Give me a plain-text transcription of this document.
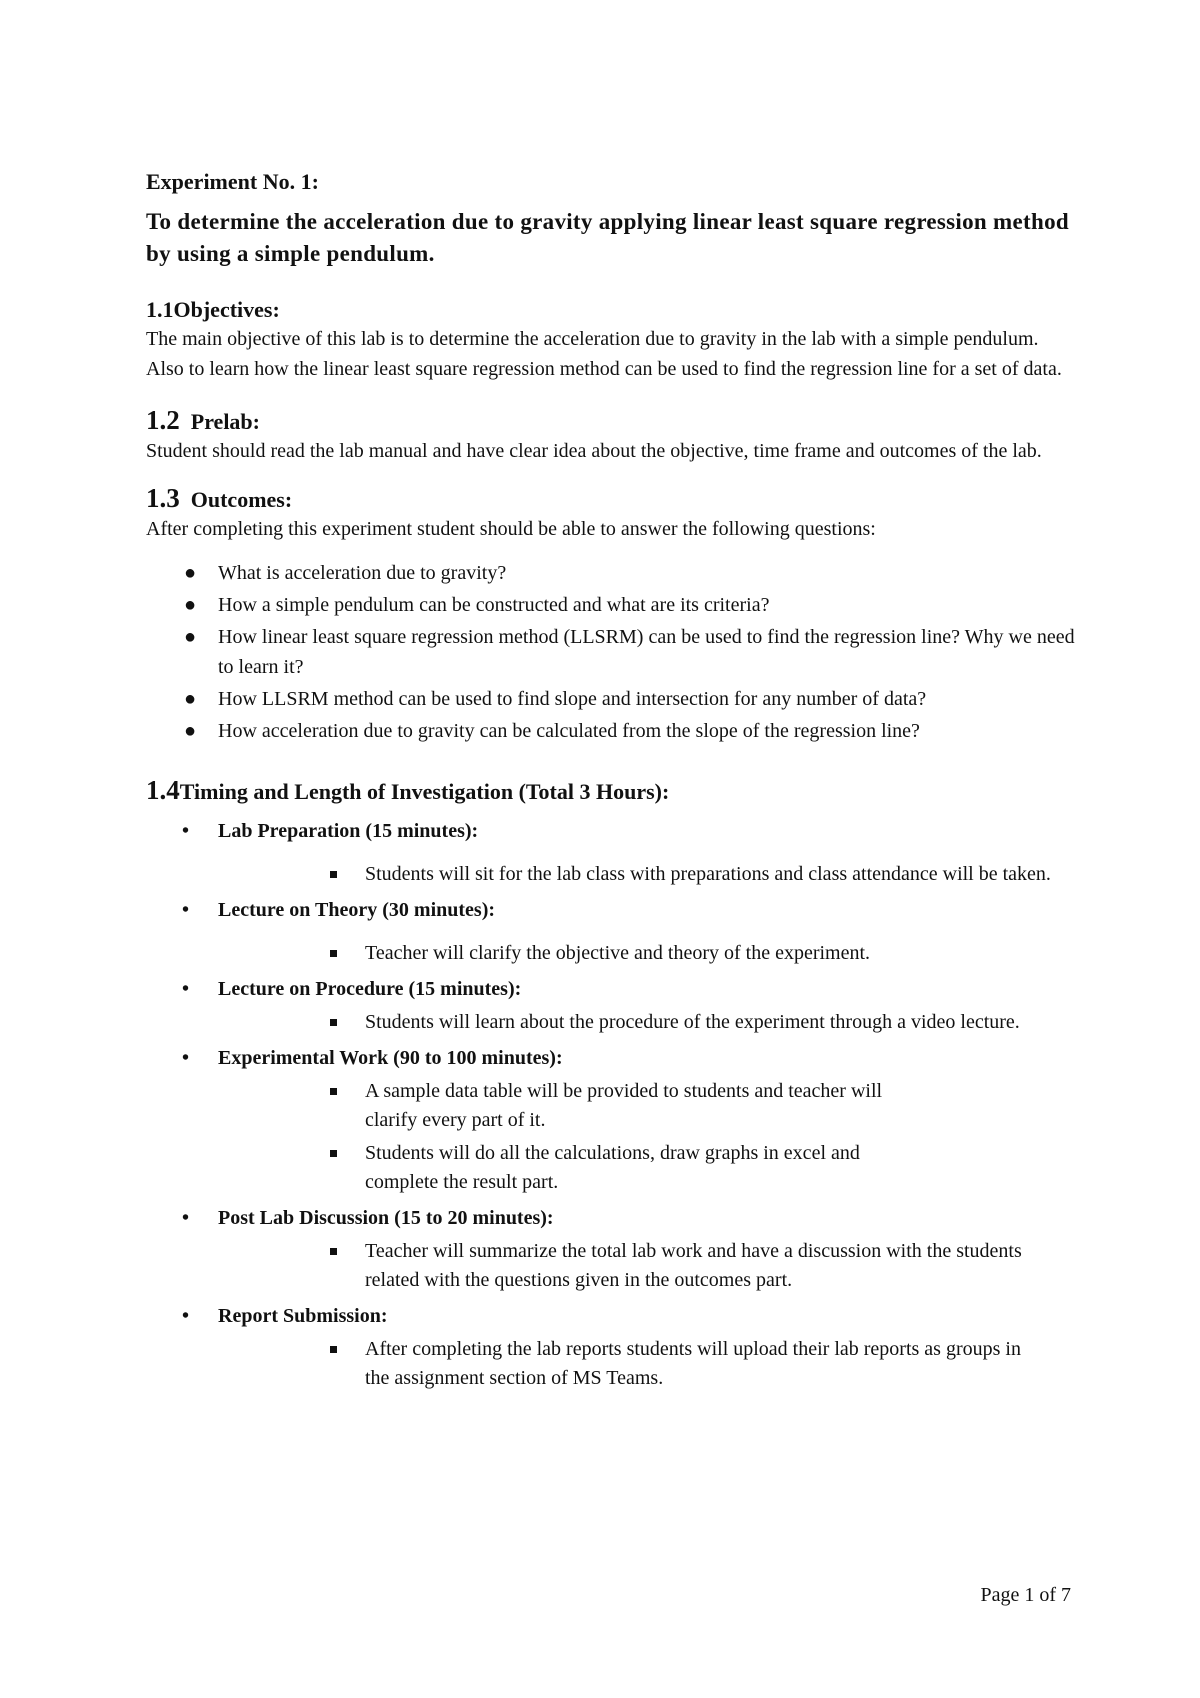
Experiment No. 1:
To determine the acceleration due to gravity applying linear least square regression method by using a simple pendulum.
1.1Objectives:
The main objective of this lab is to determine the acceleration due to gravity in the lab with a simple pendulum. Also to learn how the linear least square regression method can be used to find the regression line for a set of data.
1.2 Prelab:
Student should read the lab manual and have clear idea about the objective, time frame and outcomes of the lab.
1.3 Outcomes:
After completing this experiment student should be able to answer the following questions:
● What is acceleration due to gravity?
● How a simple pendulum can be constructed and what are its criteria?
● How linear least square regression method (LLSRM) can be used to find the regression line? Why we need to learn it?
● How LLSRM method can be used to find slope and intersection for any number of data?
● How acceleration due to gravity can be calculated from the slope of the regression line?
1.4Timing and Length of Investigation (Total 3 Hours):
• Lab Preparation (15 minutes):
Students will sit for the lab class with preparations and class attendance will be taken.
• Lecture on Theory (30 minutes):
Teacher will clarify the objective and theory of the experiment.
• Lecture on Procedure (15 minutes):
Students will learn about the procedure of the experiment through a video lecture.
• Experimental Work (90 to 100 minutes):
A sample data table will be provided to students and teacher will clarify every part of it.
Students will do all the calculations, draw graphs in excel and complete the result part.
• Post Lab Discussion (15 to 20 minutes):
Teacher will summarize the total lab work and have a discussion with the students related with the questions given in the outcomes part.
• Report Submission:
After completing the lab reports students will upload their lab reports as groups in the assignment section of MS Teams.
Page 1 of 7
